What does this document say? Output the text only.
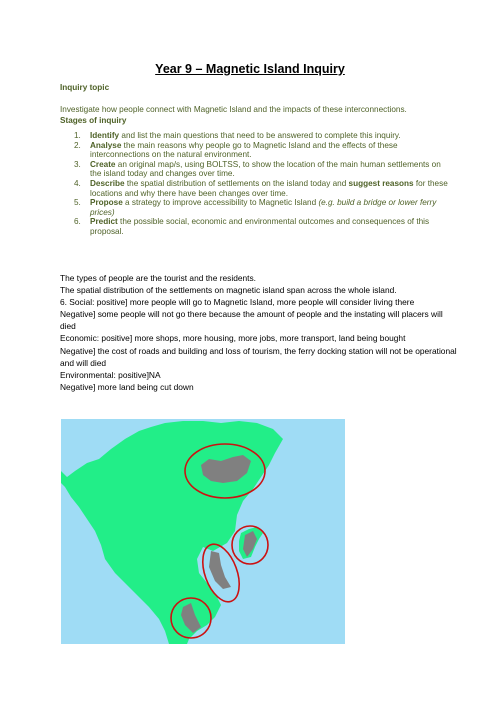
Year 9 – Magnetic Island Inquiry
Inquiry topic
Investigate how people connect with Magnetic Island and the impacts of these interconnections.
Stages of inquiry
1. Identify and list the main questions that need to be answered to complete this inquiry.
2. Analyse the main reasons why people go to Magnetic Island and the effects of these interconnections on the natural environment.
3. Create an original map/s, using BOLTSS, to show the location of the main human settlements on the island today and changes over time.
4. Describe the spatial distribution of settlements on the island today and suggest reasons for these locations and why there have been changes over time.
5. Propose a strategy to improve accessibility to Magnetic Island (e.g. build a bridge or lower ferry prices)
6. Predict the possible social, economic and environmental outcomes and consequences of this proposal.

The types of people are the tourist and the residents.

The spatial distribution of the settlements on magnetic island span across the whole island.

6. Social: positive] more people will go to Magnetic Island, more people will consider living there

Negative] some people will not go there because the amount of people and the instating will placers will died

Economic: positive] more shops, more housing, more jobs, more transport, land being bought

Negative] the cost of roads and building and loss of tourism, the ferry docking station will not be operational and will died

Environmental: positive]NA

Negative] more land being cut down
